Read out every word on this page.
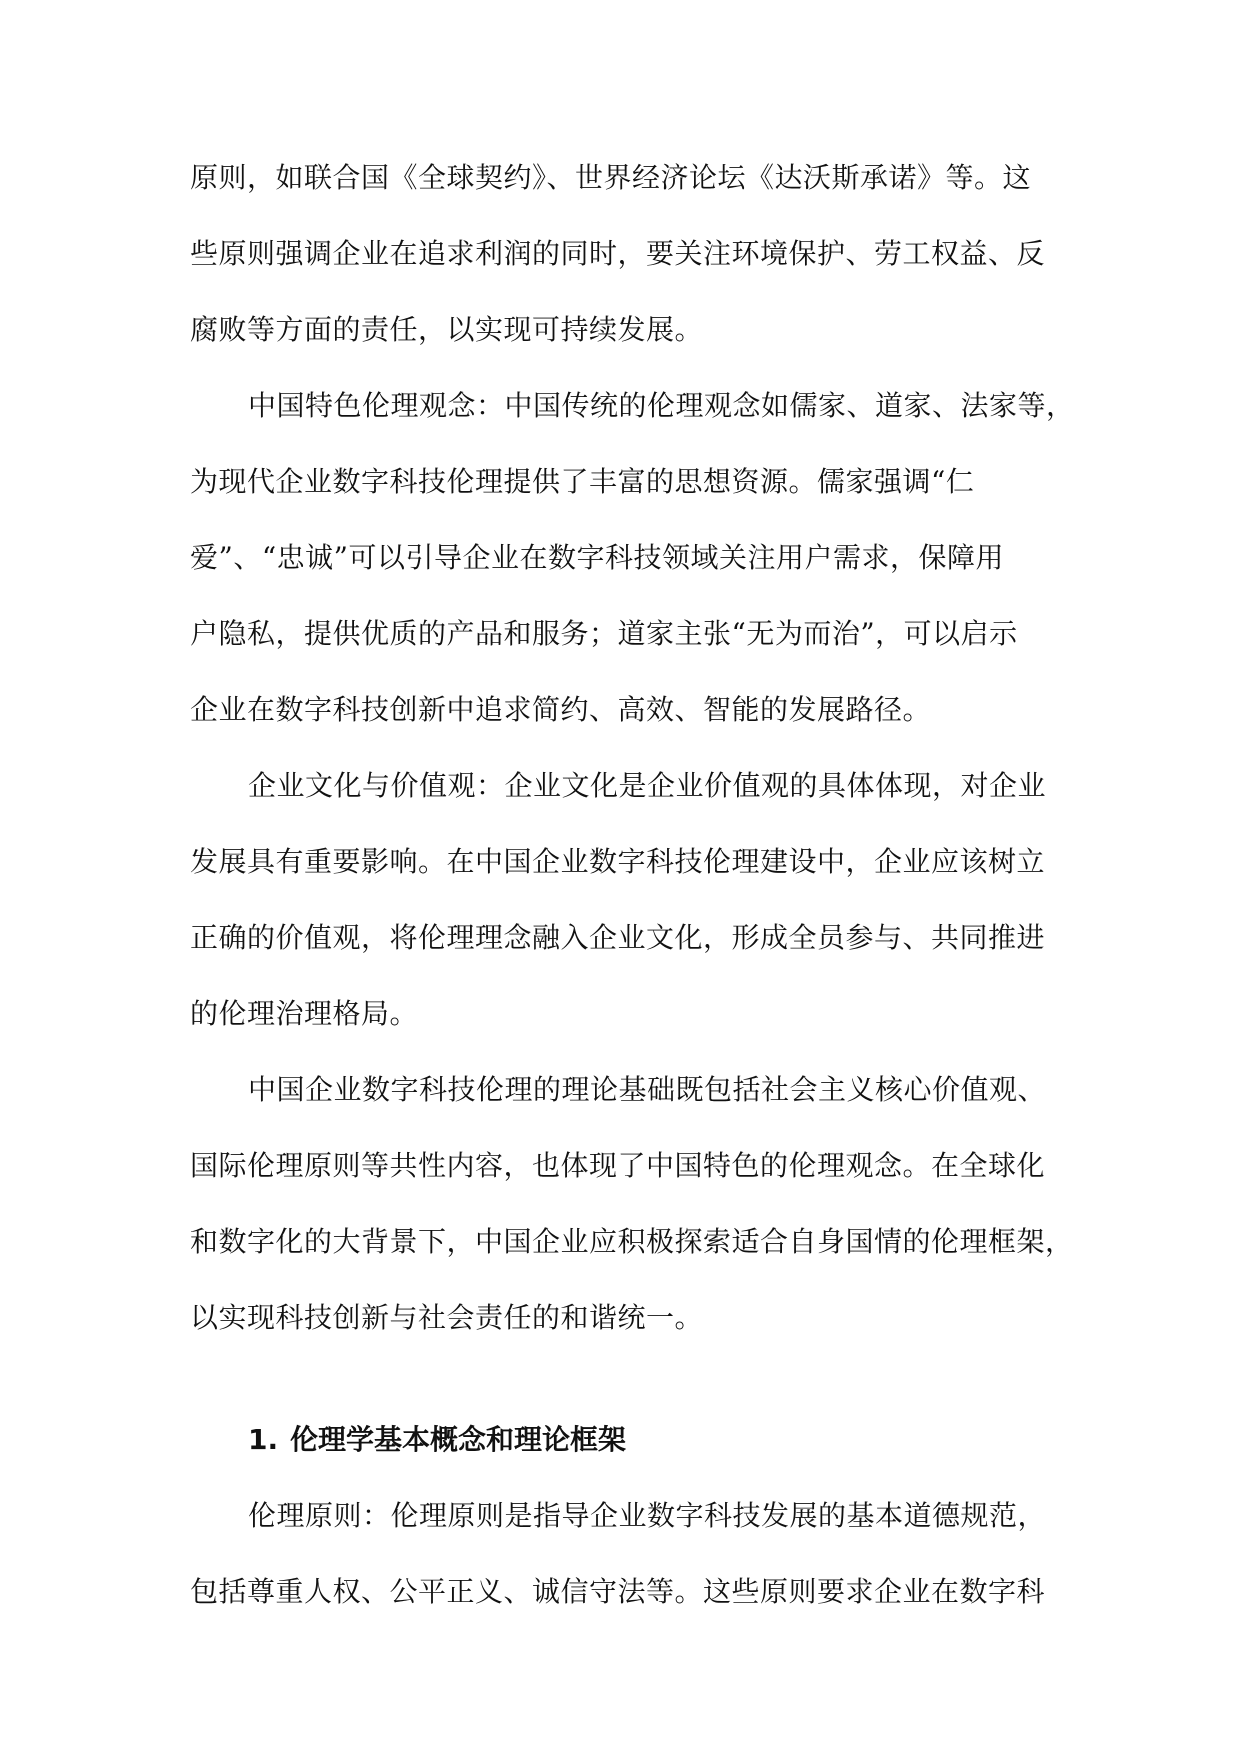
原则，如联合国《全球契约》、世界经济论坛《达沃斯承诺》等。这
些原则强调企业在追求利润的同时，要关注环境保护、劳工权益、反
腐败等方面的责任，以实现可持续发展。

中国特色伦理观念：中国传统的伦理观念如儒家、道家、法家等，
为现代企业数字科技伦理提供了丰富的思想资源。儒家强调“仁
爱”、“忠诚”可以引导企业在数字科技领域关注用户需求，保障用
户隐私，提供优质的产品和服务；道家主张“无为而治”，可以启示
企业在数字科技创新中追求简约、高效、智能的发展路径。

企业文化与价值观：企业文化是企业价值观的具体体现，对企业
发展具有重要影响。在中国企业数字科技伦理建设中，企业应该树立
正确的价值观，将伦理理念融入企业文化，形成全员参与、共同推进
的伦理治理格局。

中国企业数字科技伦理的理论基础既包括社会主义核心价值观、
国际伦理原则等共性内容，也体现了中国特色的伦理观念。在全球化
和数字化的大背景下，中国企业应积极探索适合自身国情的伦理框架，
以实现科技创新与社会责任的和谐统一。

1. 伦理学基本概念和理论框架

伦理原则：伦理原则是指导企业数字科技发展的基本道德规范，
包括尊重人权、公平正义、诚信守法等。这些原则要求企业在数字科
